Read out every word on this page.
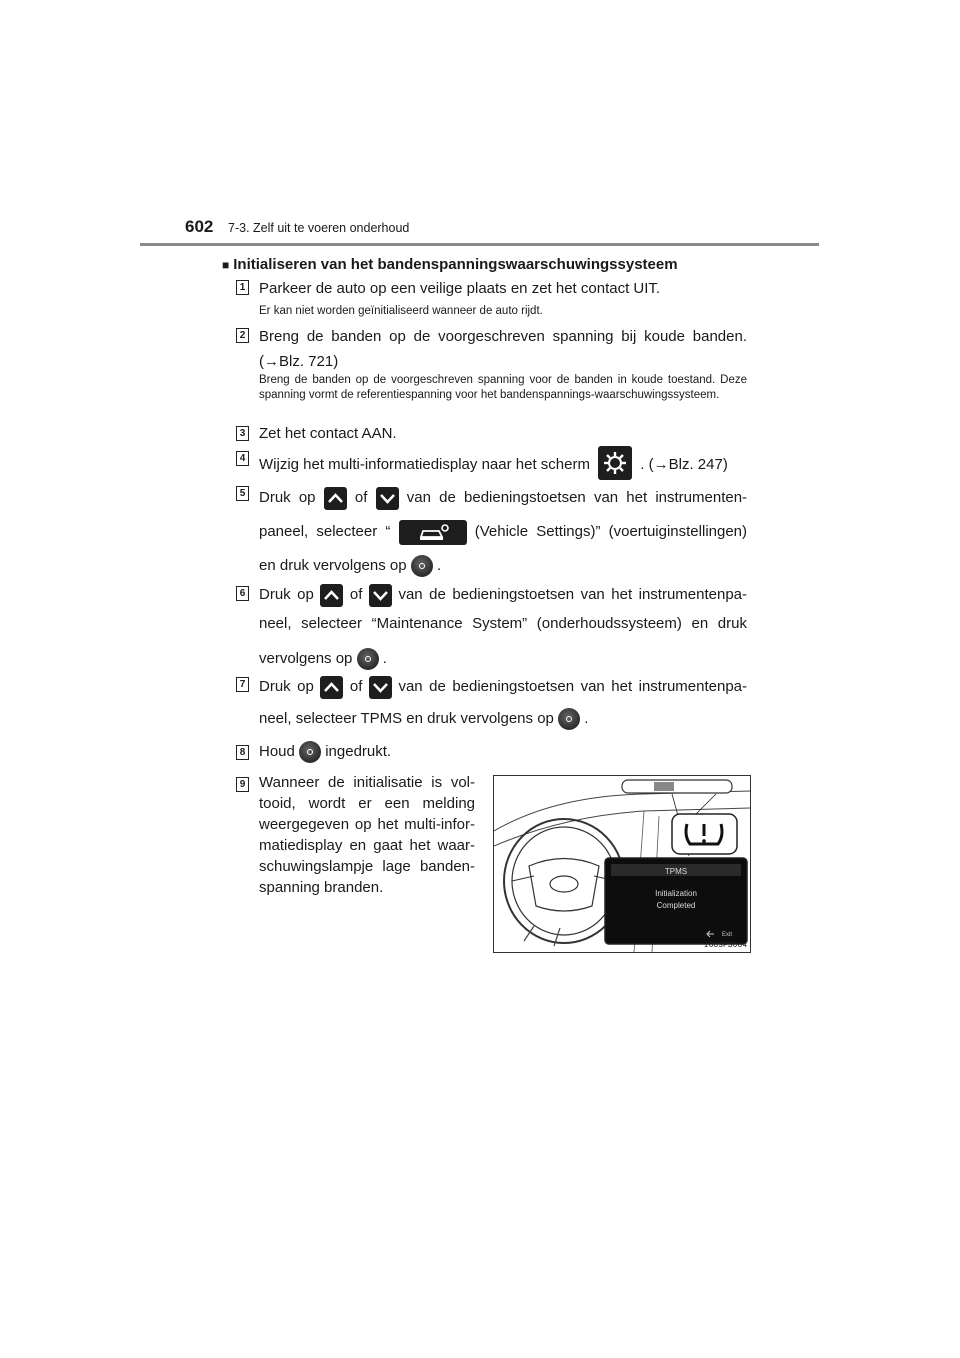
602 7-3. Zelf uit te voeren onderhoud
■ Initialiseren van het bandenspanningswaarschuwingssysteem
1 Parkeer de auto op een veilige plaats en zet het contact UIT.
Er kan niet worden geïnitialiseerd wanneer de auto rijdt.
2 Breng de banden op de voorgeschreven spanning bij koude banden.
(→Blz. 721)
Breng de banden op de voorgeschreven spanning voor de banden in koude toestand. Deze spanning vormt de referentiespanning voor het bandenspannings-waarschuwingssysteem.
3 Zet het contact AAN.
4 Wijzig het multi-informatiedisplay naar het scherm	. (→Blz. 247)
5 Druk op	of	van de bedieningstoetsen van het instrumenten-
paneel, selecteer “	(Vehicle Settings)” (voertuiginstellingen)
en druk vervolgens op .
6 Druk op of van de bedieningstoetsen van het instrumentenpa-
neel, selecteer “Maintenance System” (onderhoudssysteem) en druk
vervolgens op .
7 Druk op of van de bedieningstoetsen van het instrumentenpa-
neel, selecteer TPMS en druk vervolgens op .
8 Houd ingedrukt.
9 Wanneer de initialisatie is vol-
tooid, wordt er een melding
weergegeven op het multi-infor-
matiedisplay en gaat het waar-
schuwingslampje lage banden-
spanning branden.
TPMS
Initialization
Completed
Exit
IO63PS064
